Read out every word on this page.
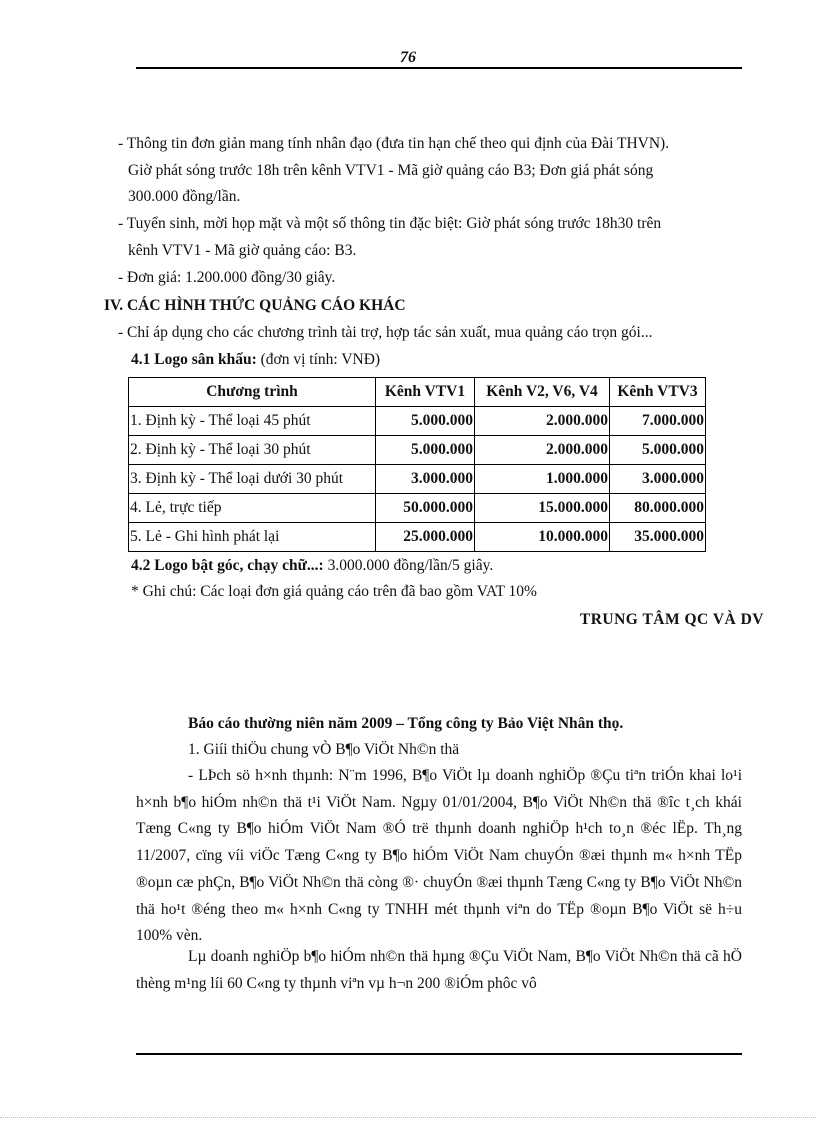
76
- Thông tin đơn giản mang tính nhân đạo (đưa tin hạn chế theo qui định của Đài THVN).
Giờ phát sóng trước 18h trên kênh VTV1 - Mã giờ quảng cáo B3; Đơn giá phát sóng
300.000 đồng/lần.
- Tuyển sinh, mời họp mặt và một số thông tin đặc biệt: Giờ phát sóng trước 18h30 trên
kênh VTV1 - Mã giờ quảng cáo: B3.
- Đơn giá: 1.200.000 đồng/30 giây.
IV. CÁC HÌNH THỨC QUẢNG CÁO KHÁC
- Chỉ áp dụng cho các chương trình tài trợ, hợp tác sản xuất, mua quảng cáo trọn gói...
4.1 Logo sân khấu: (đơn vị tính: VNĐ)
Chương trình	Kênh VTV1	Kênh V2, V6, V4	Kênh VTV3
1. Định kỳ - Thể loại 45 phút	5.000.000	2.000.000	7.000.000
2. Định kỳ - Thể loại 30 phút	5.000.000	2.000.000	5.000.000
3. Định kỳ - Thể loại dưới 30 phút	3.000.000	1.000.000	3.000.000
4. Lẻ, trực tiếp	50.000.000	15.000.000	80.000.000
5. Lẻ - Ghi hình phát lại	25.000.000	10.000.000	35.000.000
4.2 Logo bật góc, chạy chữ...: 3.000.000 đồng/lần/5 giây.
* Ghi chú: Các loại đơn giá quảng cáo trên đã bao gồm VAT 10%
TRUNG TÂM QC VÀ DV
Báo cáo thường niên năm 2009 – Tổng công ty Bảo Việt Nhân thọ.
1. Giíi thiÖu chung vÒ B¶o ViÖt Nh©n thä
- LÞch sö h×nh thµnh: N¨m 1996, B¶o ViÖt lµ doanh nghiÖp ®Çu tiªn triÓn khai lo¹i h×nh b¶o hiÓm nh©n thä t¹i ViÖt Nam. Ngµy 01/01/2004, B¶o ViÖt Nh©n thä ®îc t¸ch khái Tæng C«ng ty B¶o hiÓm ViÖt Nam ®Ó trë thµnh doanh nghiÖp h¹ch to¸n ®éc lËp. Th¸ng 11/2007, cïng víi viÖc Tæng C«ng ty B¶o hiÓm ViÖt Nam chuyÓn ®æi thµnh m« h×nh TËp ®oµn cæ phÇn, B¶o ViÖt Nh©n thä còng ®· chuyÓn ®æi thµnh Tæng C«ng ty B¶o ViÖt Nh©n thä ho¹t ®éng theo m« h×nh C«ng ty TNHH mét thµnh viªn do TËp ®oµn B¶o ViÖt së h÷u 100% vèn.
Lµ doanh nghiÖp b¶o hiÓm nh©n thä hµng ®Çu ViÖt Nam, B¶o ViÖt Nh©n thä cã hÖ thèng m¹ng líi 60 C«ng ty thµnh viªn vµ h¬n 200 ®iÓm phôc vô
